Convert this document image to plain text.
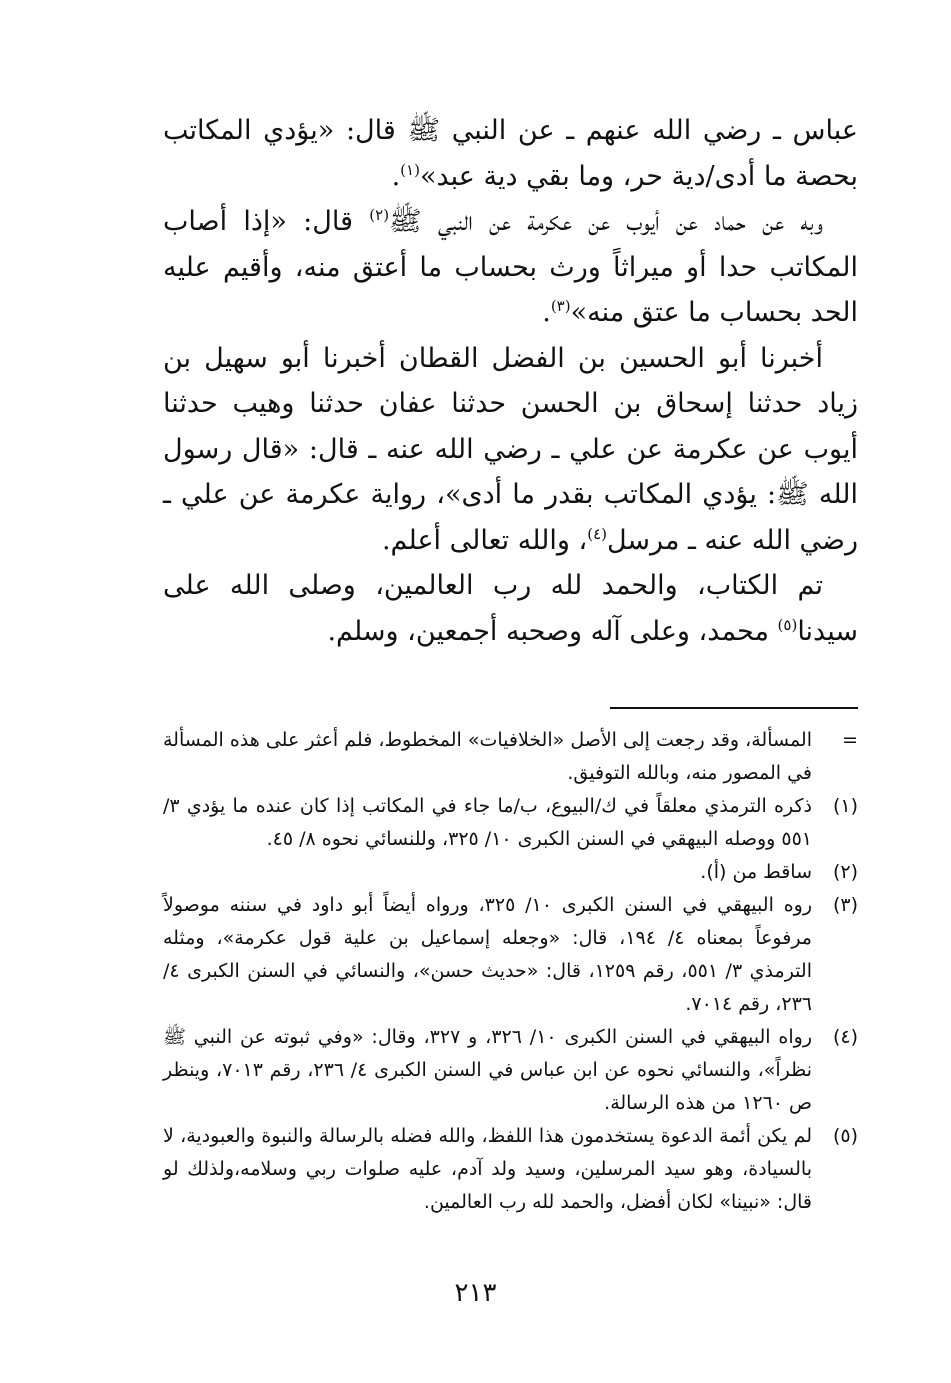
عباس ـ رضي الله عنهم ـ عن النبي ﷺ قال: «يؤدي المكاتب بحصة ما أدى/دية حر، وما بقي دية عبد»$^{(١)}$.

وبه عن حماد عن أيوب عن عكرمة عن النبي ﷺ$^{(٢)}$ قال: «إذا أصاب المكاتب حدا أو ميراثاً ورث بحساب ما أعتق منه، وأقيم عليه الحد بحساب ما عتق منه»$^{(٣)}$.

أخبرنا أبو الحسين بن الفضل القطان أخبرنا أبو سهيل بن زياد حدثنا إسحاق بن الحسن حدثنا عفان حدثنا وهيب حدثنا أيوب عن عكرمة عن علي ـ رضي الله عنه ـ قال: «قال رسول الله ﷺ: يؤدي المكاتب بقدر ما أدى»، رواية عكرمة عن علي ـ رضي الله عنه ـ مرسل$^{(٤)}$، والله تعالى أعلم.

تم الكتاب، والحمد لله رب العالمين، وصلى الله على سيدنا$^{(٥)}$ محمد، وعلى آله وصحبه أجمعين، وسلم.

=
المسألة، وقد رجعت إلى الأصل «الخلافيات» المخطوط، فلم أعثر على هذه المسألة في المصور منه، وبالله التوفيق.
(١)
ذكره الترمذي معلقاً في ك/البيوع، ب/ما جاء في المكاتب إذا كان عنده ما يؤدي ٣/ ٥٥١ ووصله البيهقي في السنن الكبرى ١٠/ ٣٢٥، وللنسائي نحوه ٨/ ٤٥.
(٢)
ساقط من (أ).
(٣)
روه البيهقي في السنن الكبرى ١٠/ ٣٢٥، ورواه أيضاً أبو داود في سننه موصولاً مرفوعاً بمعناه ٤/ ١٩٤، قال: «وجعله إسماعيل بن علية قول عكرمة»، ومثله الترمذي ٣/ ٥٥١، رقم ١٢٥٩، قال: «حديث حسن»، والنسائي في السنن الكبرى ٤/ ٢٣٦، رقم ٧٠١٤.
(٤)
رواه البيهقي في السنن الكبرى ١٠/ ٣٢٦، و ٣٢٧، وقال: «وفي ثبوته عن النبي ﷺ نظراً»، والنسائي نحوه عن ابن عباس في السنن الكبرى ٤/ ٢٣٦، رقم ٧٠١٣، وينظر ص ١٢٦٠ من هذه الرسالة.
(٥)
لم يكن أئمة الدعوة يستخدمون هذا اللفظ، والله فضله بالرسالة والنبوة والعبودية، لا بالسيادة، وهو سيد المرسلين، وسيد ولد آدم، عليه صلوات ربي وسلامه،ولذلك لو قال: «نبينا» لكان أفضل، والحمد لله رب العالمين.
٢١٣
